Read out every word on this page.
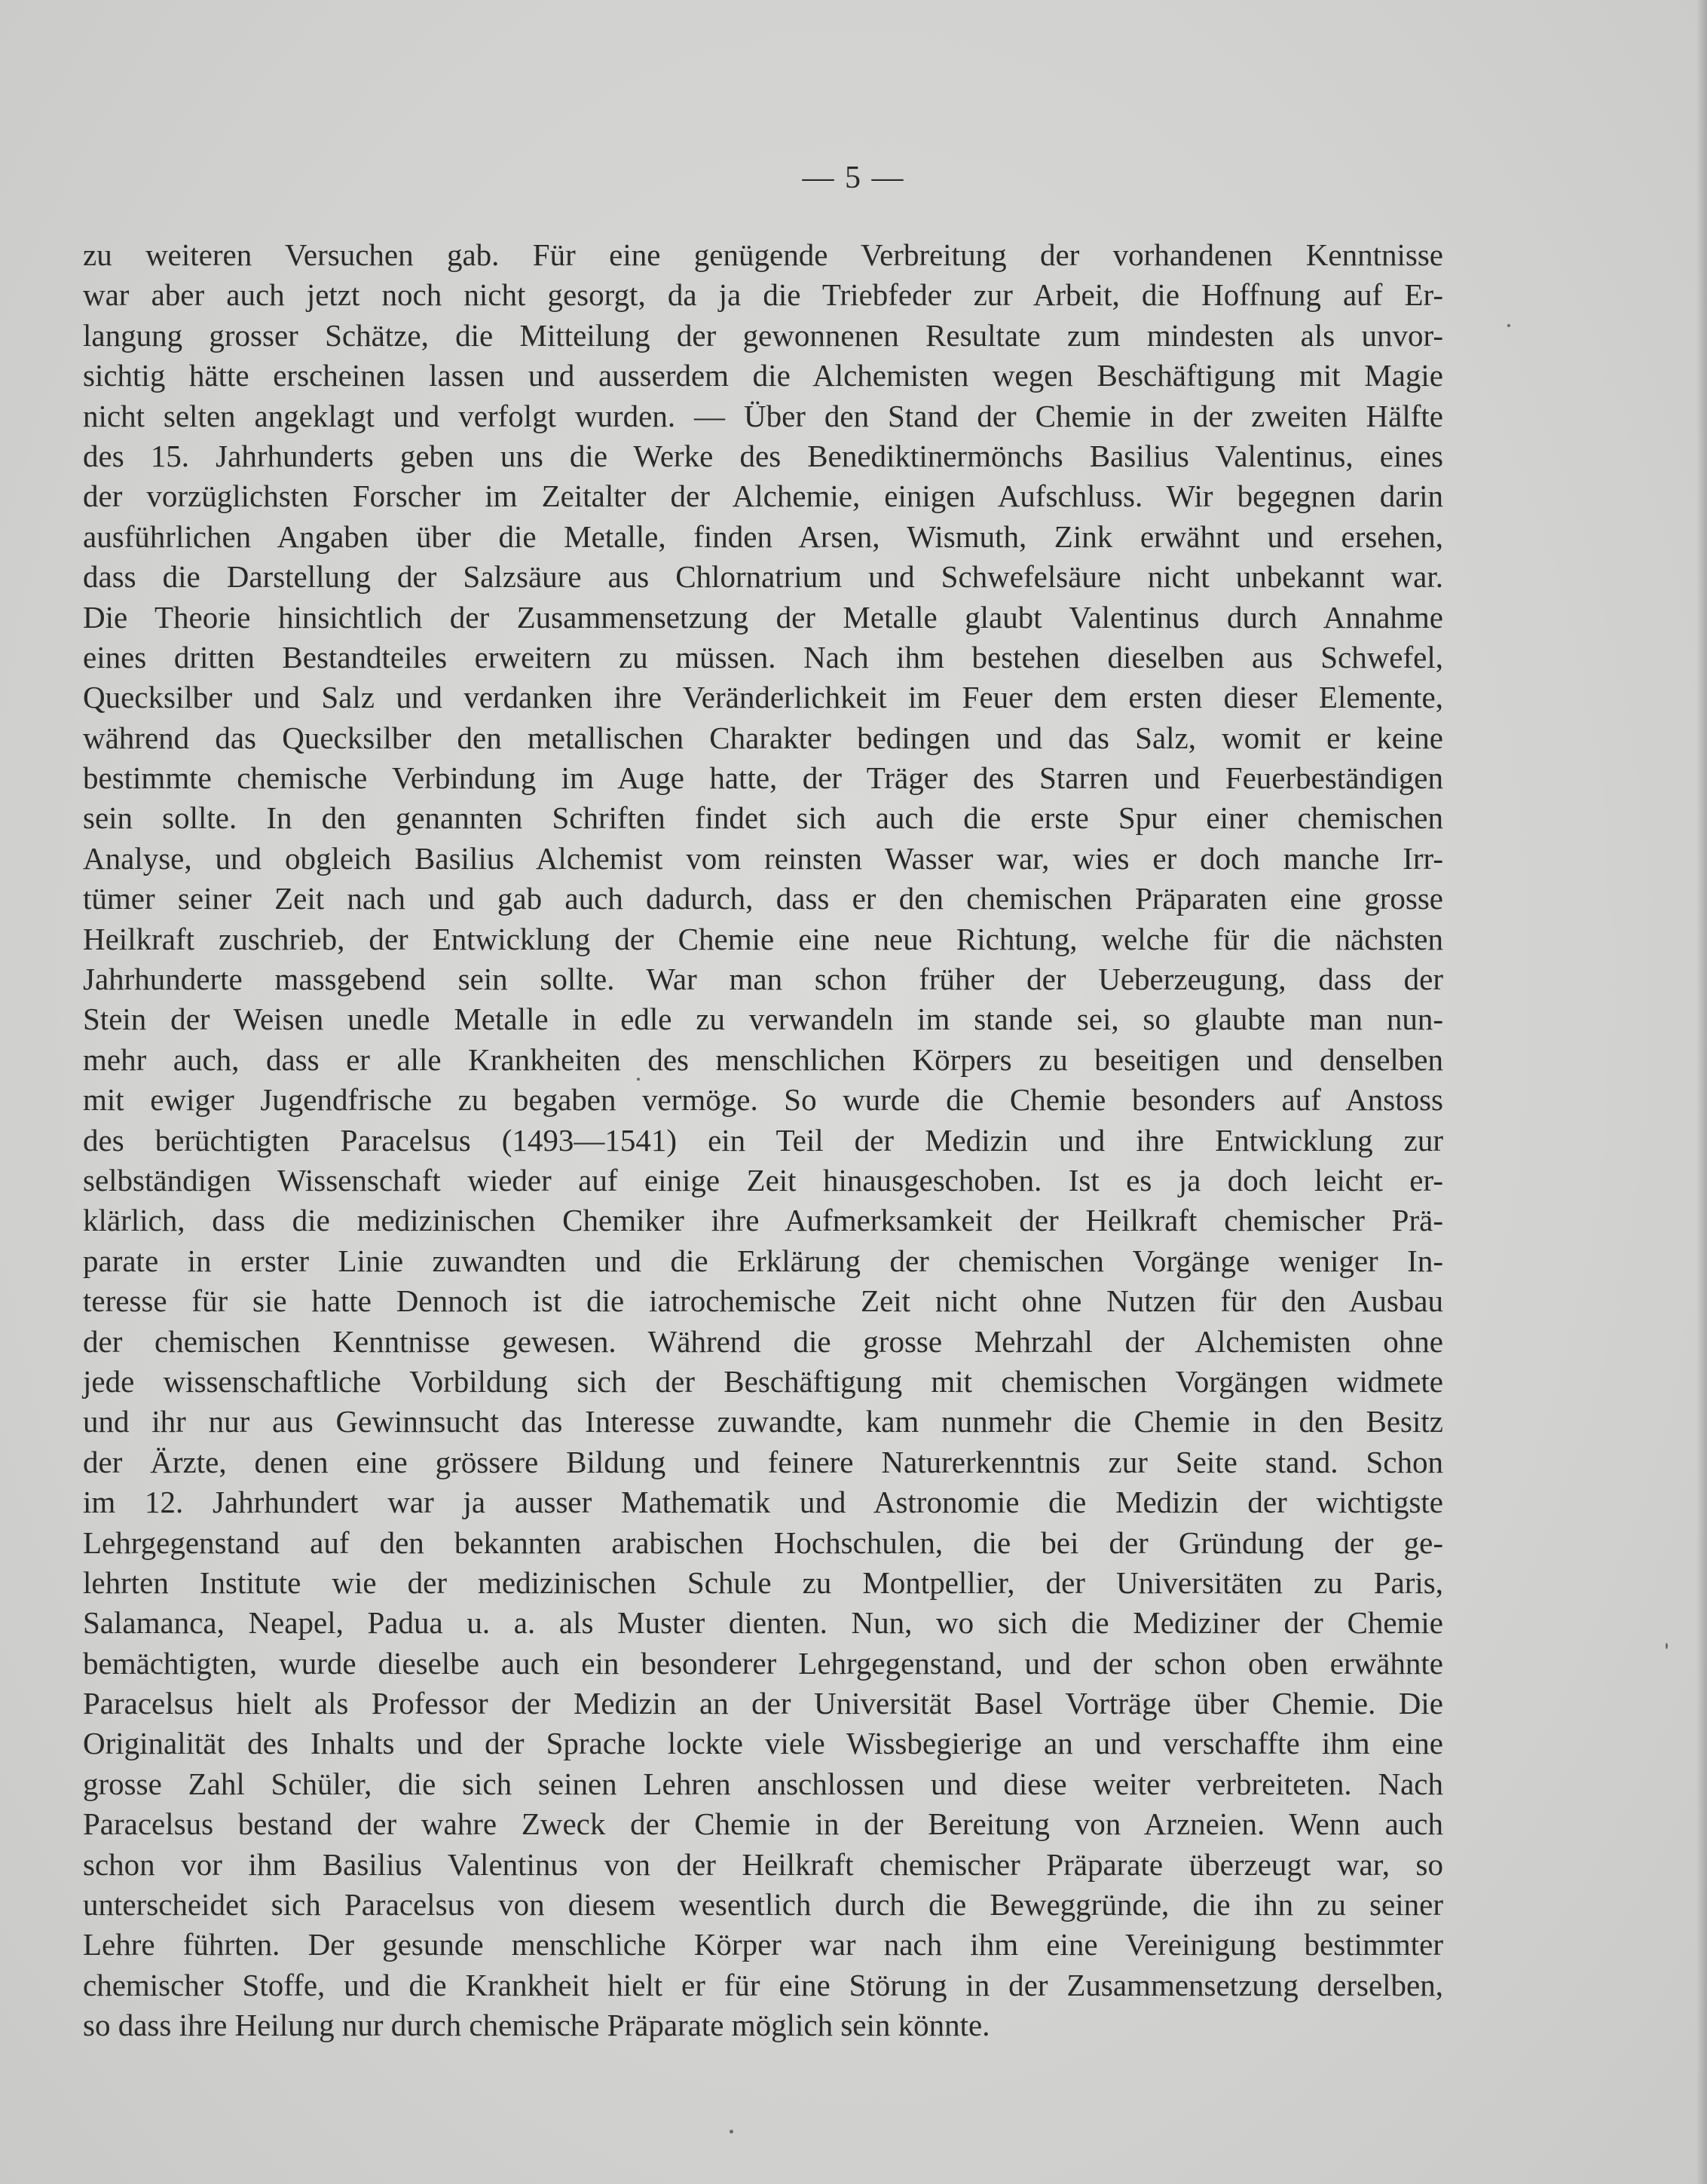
— 5 —
zu weiteren Versuchen gab. Für eine genügende Verbreitung der vorhandenen Kenntnisse
war aber auch jetzt noch nicht gesorgt, da ja die Triebfeder zur Arbeit, die Hoffnung auf Er-
langung grosser Schätze, die Mitteilung der gewonnenen Resultate zum mindesten als unvor-
sichtig hätte erscheinen lassen und ausserdem die Alchemisten wegen Beschäftigung mit Magie
nicht selten angeklagt und verfolgt wurden. — Über den Stand der Chemie in der zweiten Hälfte
des 15. Jahrhunderts geben uns die Werke des Benediktinermönchs Basilius Valentinus, eines
der vorzüglichsten Forscher im Zeitalter der Alchemie, einigen Aufschluss. Wir begegnen darin
ausführlichen Angaben über die Metalle, finden Arsen, Wismuth, Zink erwähnt und ersehen,
dass die Darstellung der Salzsäure aus Chlornatrium und Schwefelsäure nicht unbekannt war.
Die Theorie hinsichtlich der Zusammensetzung der Metalle glaubt Valentinus durch Annahme
eines dritten Bestandteiles erweitern zu müssen. Nach ihm bestehen dieselben aus Schwefel,
Quecksilber und Salz und verdanken ihre Veränderlichkeit im Feuer dem ersten dieser Elemente,
während das Quecksilber den metallischen Charakter bedingen und das Salz, womit er keine
bestimmte chemische Verbindung im Auge hatte, der Träger des Starren und Feuerbeständigen
sein sollte. In den genannten Schriften findet sich auch die erste Spur einer chemischen
Analyse, und obgleich Basilius Alchemist vom reinsten Wasser war, wies er doch manche Irr-
tümer seiner Zeit nach und gab auch dadurch, dass er den chemischen Präparaten eine grosse
Heilkraft zuschrieb, der Entwicklung der Chemie eine neue Richtung, welche für die nächsten
Jahrhunderte massgebend sein sollte. War man schon früher der Ueberzeugung, dass der
Stein der Weisen unedle Metalle in edle zu verwandeln im stande sei, so glaubte man nun-
mehr auch, dass er alle Krankheiten des menschlichen Körpers zu beseitigen und denselben
mit ewiger Jugendfrische zu begaben vermöge. So wurde die Chemie besonders auf Anstoss
des berüchtigten Paracelsus (1493—1541) ein Teil der Medizin und ihre Entwicklung zur
selbständigen Wissenschaft wieder auf einige Zeit hinausgeschoben. Ist es ja doch leicht er-
klärlich, dass die medizinischen Chemiker ihre Aufmerksamkeit der Heilkraft chemischer Prä-
parate in erster Linie zuwandten und die Erklärung der chemischen Vorgänge weniger In-
teresse für sie hatte Dennoch ist die iatrochemische Zeit nicht ohne Nutzen für den Ausbau
der chemischen Kenntnisse gewesen. Während die grosse Mehrzahl der Alchemisten ohne
jede wissenschaftliche Vorbildung sich der Beschäftigung mit chemischen Vorgängen widmete
und ihr nur aus Gewinnsucht das Interesse zuwandte, kam nunmehr die Chemie in den Besitz
der Ärzte, denen eine grössere Bildung und feinere Naturerkenntnis zur Seite stand. Schon
im 12. Jahrhundert war ja ausser Mathematik und Astronomie die Medizin der wichtigste
Lehrgegenstand auf den bekannten arabischen Hochschulen, die bei der Gründung der ge-
lehrten Institute wie der medizinischen Schule zu Montpellier, der Universitäten zu Paris,
Salamanca, Neapel, Padua u. a. als Muster dienten. Nun, wo sich die Mediziner der Chemie
bemächtigten, wurde dieselbe auch ein besonderer Lehrgegenstand, und der schon oben erwähnte
Paracelsus hielt als Professor der Medizin an der Universität Basel Vorträge über Chemie. Die
Originalität des Inhalts und der Sprache lockte viele Wissbegierige an und verschaffte ihm eine
grosse Zahl Schüler, die sich seinen Lehren anschlossen und diese weiter verbreiteten. Nach
Paracelsus bestand der wahre Zweck der Chemie in der Bereitung von Arzneien. Wenn auch
schon vor ihm Basilius Valentinus von der Heilkraft chemischer Präparate überzeugt war, so
unterscheidet sich Paracelsus von diesem wesentlich durch die Beweggründe, die ihn zu seiner
Lehre führten. Der gesunde menschliche Körper war nach ihm eine Vereinigung bestimmter
chemischer Stoffe, und die Krankheit hielt er für eine Störung in der Zusammensetzung derselben,
so dass ihre Heilung nur durch chemische Präparate möglich sein könnte.
